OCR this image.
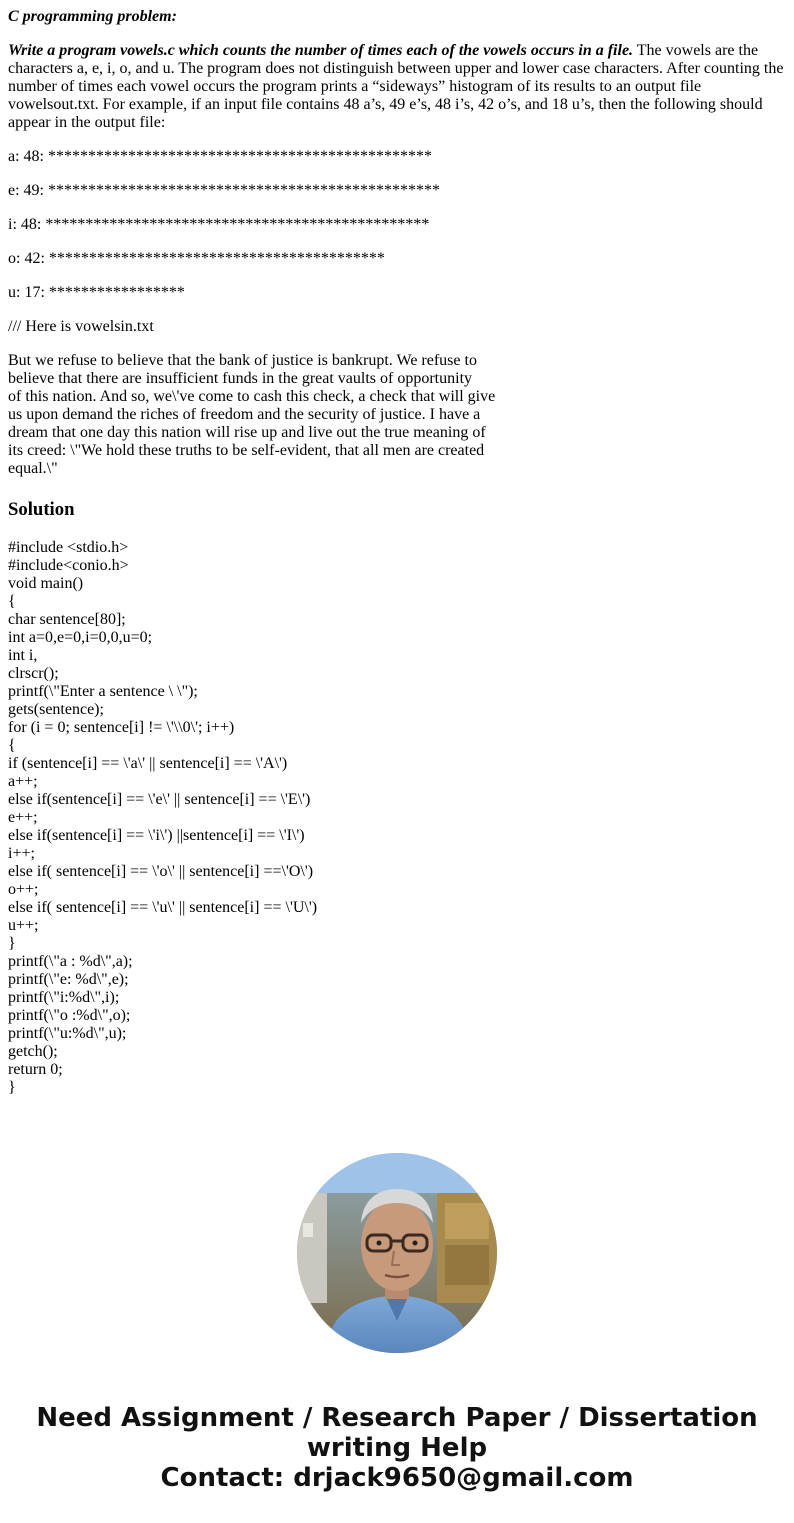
C programming problem:

Write a program vowels.c which counts the number of times each of the vowels occurs in a file. The vowels are the
characters a, e, i, o, and u. The program does not distinguish between upper and lower case characters. After counting the
number of times each vowel occurs the program prints a “sideways” histogram of its results to an output file
vowelsout.txt. For example, if an input file contains 48 a’s, 49 e’s, 48 i’s, 42 o’s, and 18 u’s, then the following should
appear in the output file:
a: 48: ************************************************
e: 49: *************************************************
i: 48: ************************************************
o: 42: ******************************************
u: 17: *****************

/// Here is vowelsin.txt

But we refuse to believe that the bank of justice is bankrupt. We refuse to
believe that there are insufficient funds in the great vaults of opportunity
of this nation. And so, we\'ve come to cash this check, a check that will give
us upon demand the riches of freedom and the security of justice. I have a
dream that one day this nation will rise up and live out the true meaning of
its creed: \"We hold these truths to be self-evident, that all men are created
equal.\"
Solution
#include <stdio.h>
#include<conio.h>
void main()
{
char sentence[80];
int a=0,e=0,i=0,0,u=0;
int i,
clrscr();
printf(\"Enter a sentence \ \");
gets(sentence);
for (i = 0; sentence[i] != \'\\0\'; i++)
{
if (sentence[i] == \'a\' || sentence[i] == \'A\')
a++;
else if(sentence[i] == \'e\' || sentence[i] == \'E\')
e++;
else if(sentence[i] == \'i\') ||sentence[i] == \'I\')
i++;
else if( sentence[i] == \'o\' || sentence[i] ==\'O\')
o++;
else if( sentence[i] == \'u\' || sentence[i] == \'U\')
u++;
}
printf(\"a : %d\",a);
printf(\"e: %d\",e);
printf(\"i:%d\",i);
printf(\"o :%d\",o);
printf(\"u:%d\",u);
getch();
return 0;
}
Need Assignment / Research Paper / Dissertation
writing Help
Contact: drjack9650@gmail.com
